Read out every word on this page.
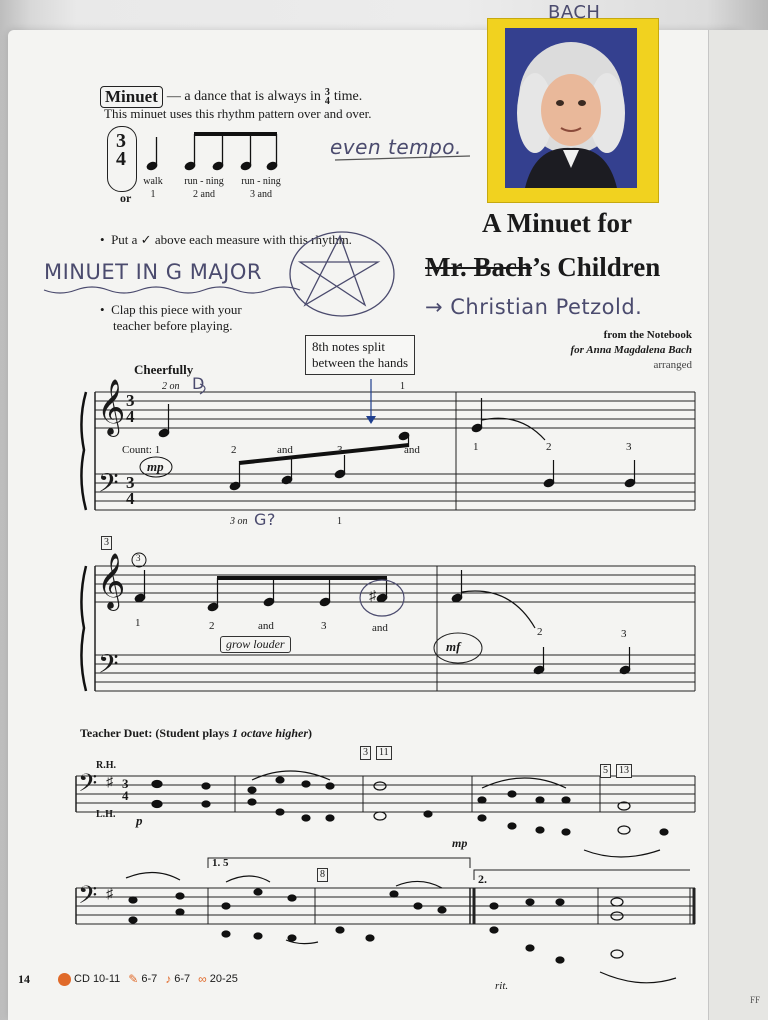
BACH
Minuet — a dance that is always in 3
4 time.
This minuet uses this rhythm pattern over and over.
3
4
or
walk
1
run - ning
2 and
run - ning
3 and
even tempo.
•  Put a ✓ above each measure with this rhythm.
MINUET IN G MAJOR
•  Clap this piece with your
teacher before playing.
A Minuet for
Mr. Bach’s Children
→ Christian Petzold.
from the Notebook
for Anna Magdalena Bach
arranged
𝄞 3
4
𝄢 3
4
𝄞
𝄢
𝄢 ♯ 3
4
𝄢 ♯
8th notes split
between the hands
Cheerfully
2 on D	1
Count: 1	2	and	3	and	1	2	3
mp
3 on G?	1
3
3
1	2	and	3	and	2	3
grow louder	mf
♯
Teacher Duet: (Student plays 1 octave higher)
R.H.
L.H. p
mp
3	11
5	13
1. 5
8	2.
rit.
14	CD 10-11 ✎ 6-7 ♪ 6-7 ∞ 20-25
FF
